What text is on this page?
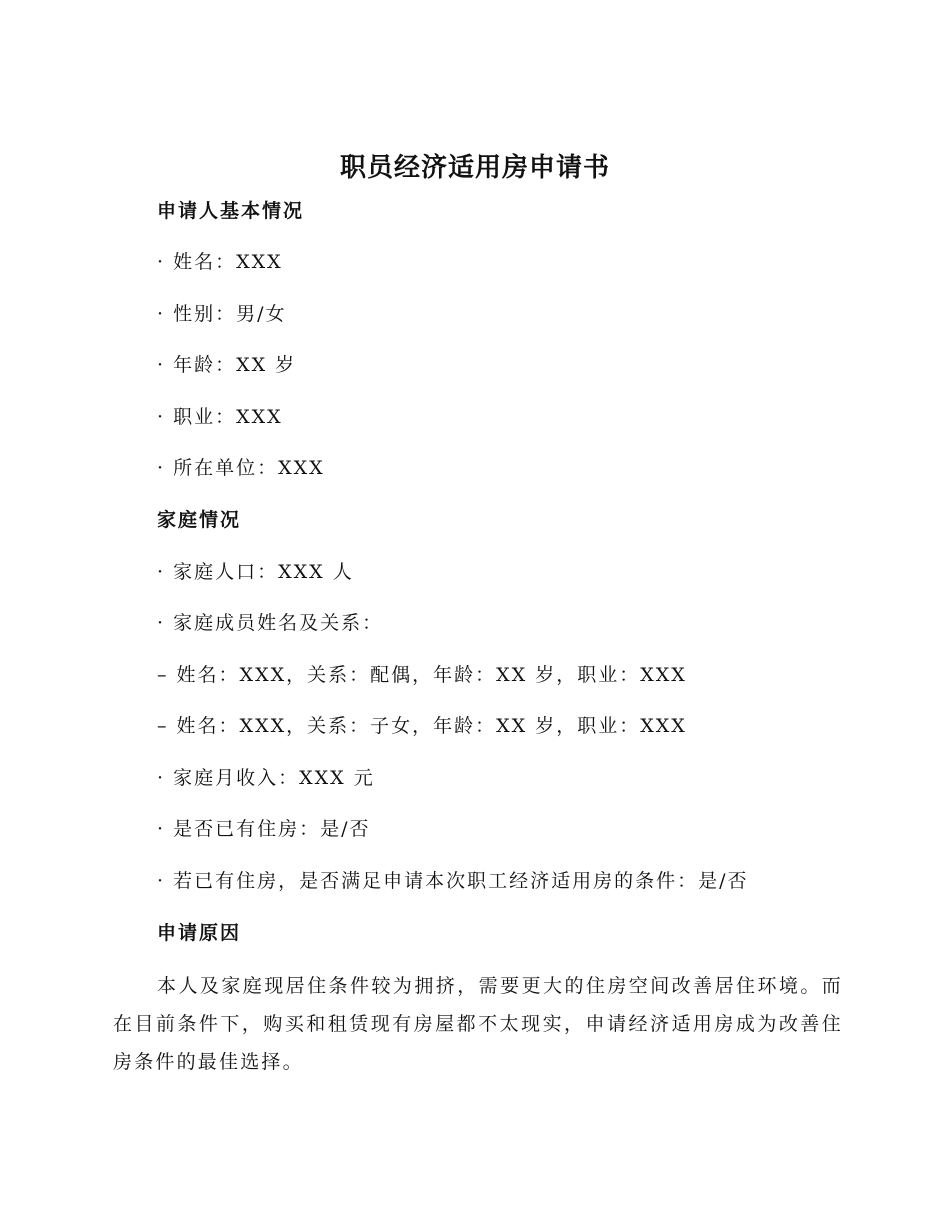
职员经济适用房申请书
申请人基本情况
· 姓名：XXX
· 性别：男/女
· 年龄：XX 岁
· 职业：XXX
· 所在单位：XXX
家庭情况
· 家庭人口：XXX 人
· 家庭成员姓名及关系：
– 姓名：XXX，关系：配偶，年龄：XX 岁，职业：XXX
– 姓名：XXX，关系：子女，年龄：XX 岁，职业：XXX
· 家庭月收入：XXX 元
· 是否已有住房：是/否
· 若已有住房，是否满足申请本次职工经济适用房的条件：是/否
申请原因
本人及家庭现居住条件较为拥挤，需要更大的住房空间改善居住环境。而在目前条件下，购买和租赁现有房屋都不太现实，申请经济适用房成为改善住房条件的最佳选择。
